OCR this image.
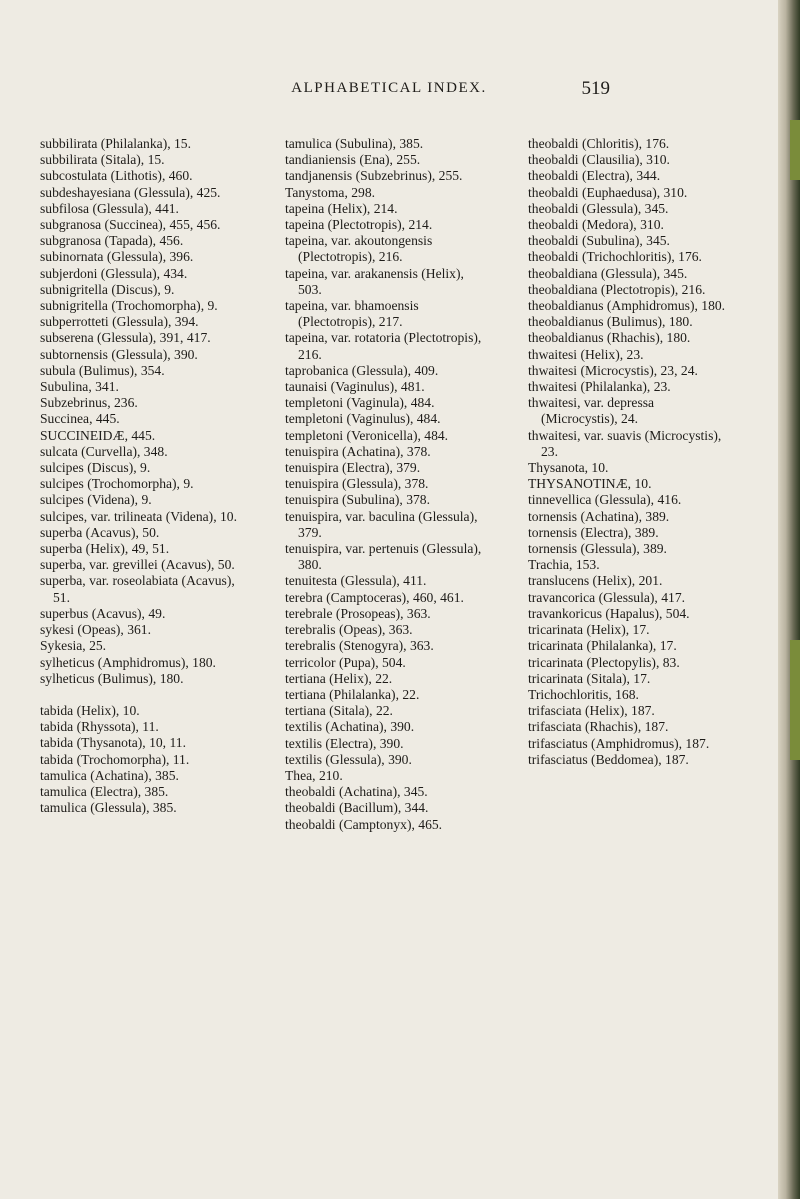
ALPHABETICAL INDEX.	519

subbilirata (Philalanka), 15.

subbilirata (Sitala), 15.

subcostulata (Lithotis), 460.

subdeshayesiana (Glessula), 425.

subfilosa (Glessula), 441.

subgranosa (Succinea), 455, 456.

subgranosa (Tapada), 456.

subinornata (Glessula), 396.

subjerdoni (Glessula), 434.

subnigritella (Discus), 9.

subnigritella (Trochomorpha), 9.

subperrotteti (Glessula), 394.

subserena (Glessula), 391, 417.

subtornensis (Glessula), 390.

subula (Bulimus), 354.

Subulina, 341.

Subzebrinus, 236.

Succinea, 445.

SUCCINEIDÆ, 445.

sulcata (Curvella), 348.

sulcipes (Discus), 9.

sulcipes (Trochomorpha), 9.

sulcipes (Videna), 9.

sulcipes, var. trilineata (Videna), 10.

superba (Acavus), 50.

superba (Helix), 49, 51.

superba, var. grevillei (Acavus), 50.

superba, var. roseolabiata (Acavus), 51.

superbus (Acavus), 49.

sykesi (Opeas), 361.

Sykesia, 25.

sylheticus (Amphidromus), 180.

sylheticus (Bulimus), 180.

tabida (Helix), 10.

tabida (Rhyssota), 11.

tabida (Thysanota), 10, 11.

tabida (Trochomorpha), 11.

tamulica (Achatina), 385.

tamulica (Electra), 385.

tamulica (Glessula), 385.

tamulica (Subulina), 385.

tandianiensis (Ena), 255.

tandjanensis (Subzebrinus), 255.

Tanystoma, 298.

tapeina (Helix), 214.

tapeina (Plectotropis), 214.

tapeina, var. akoutongensis (Plectotropis), 216.

tapeina, var. arakanensis (Helix), 503.

tapeina, var. bhamoensis (Plectotropis), 217.

tapeina, var. rotatoria (Plectotropis), 216.

taprobanica (Glessula), 409.

taunaisi (Vaginulus), 481.

templetoni (Vaginula), 484.

templetoni (Vaginulus), 484.

templetoni (Veronicella), 484.

tenuispira (Achatina), 378.

tenuispira (Electra), 379.

tenuispira (Glessula), 378.

tenuispira (Subulina), 378.

tenuispira, var. baculina (Glessula), 379.

tenuispira, var. pertenuis (Glessula), 380.

tenuitesta (Glessula), 411.

terebra (Camptoceras), 460, 461.

terebrale (Prosopeas), 363.

terebralis (Opeas), 363.

terebralis (Stenogyra), 363.

terricolor (Pupa), 504.

tertiana (Helix), 22.

tertiana (Philalanka), 22.

tertiana (Sitala), 22.

textilis (Achatina), 390.

textilis (Electra), 390.

textilis (Glessula), 390.

Thea, 210.

theobaldi (Achatina), 345.

theobaldi (Bacillum), 344.

theobaldi (Camptonyx), 465.

theobaldi (Chloritis), 176.

theobaldi (Clausilia), 310.

theobaldi (Electra), 344.

theobaldi (Euphaedusa), 310.

theobaldi (Glessula), 345.

theobaldi (Medora), 310.

theobaldi (Subulina), 345.

theobaldi (Trichochloritis), 176.

theobaldiana (Glessula), 345.

theobaldiana (Plectotropis), 216.

theobaldianus (Amphidromus), 180.

theobaldianus (Bulimus), 180.

theobaldianus (Rhachis), 180.

thwaitesi (Helix), 23.

thwaitesi (Microcystis), 23, 24.

thwaitesi (Philalanka), 23.

thwaitesi, var. depressa (Microcystis), 24.

thwaitesi, var. suavis (Microcystis), 23.

Thysanota, 10.

THYSANOTINÆ, 10.

tinnevellica (Glessula), 416.

tornensis (Achatina), 389.

tornensis (Electra), 389.

tornensis (Glessula), 389.

Trachia, 153.

translucens (Helix), 201.

travancorica (Glessula), 417.

travankoricus (Hapalus), 504.

tricarinata (Helix), 17.

tricarinata (Philalanka), 17.

tricarinata (Plectopylis), 83.

tricarinata (Sitala), 17.

Trichochloritis, 168.

trifasciata (Helix), 187.

trifasciata (Rhachis), 187.

trifasciatus (Amphidromus), 187.

trifasciatus (Beddomea), 187.
